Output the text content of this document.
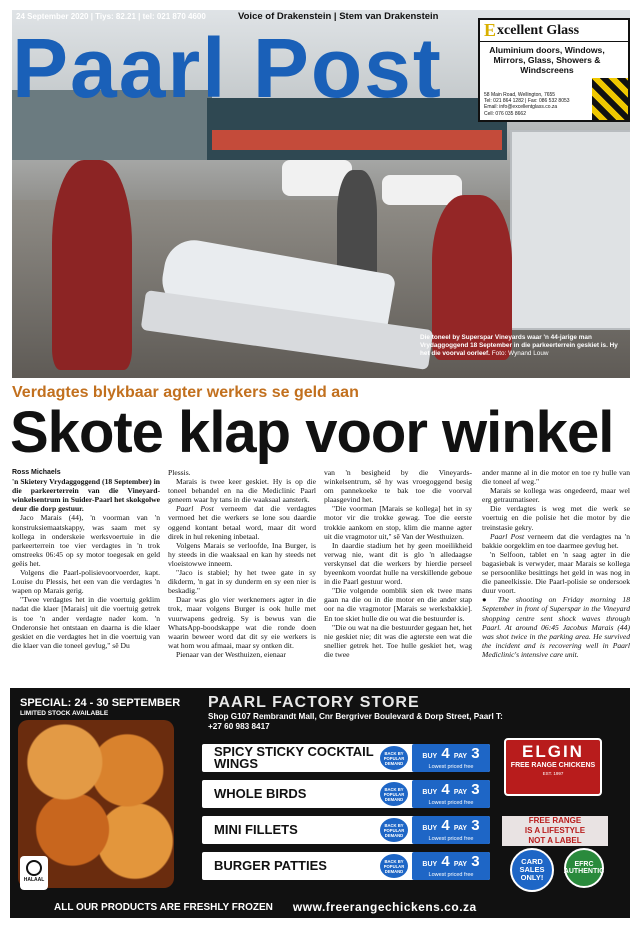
24 September 2020 | Tiys: 82.21 | tel: 021 870 4600	Voice of Drakenstein | Stem van Drakenstein
Paarl Post E xcellent Glass
Aluminium doors, Windows, Mirrors, Glass, Showers & Windscreens
58 Main Road, Wellington, 7655
Tel: 021 864 1282 | Fax: 086 532 8053
Email: info@excellentglass.co.za
Cell: 076 035 8662
Die toneel by Superspar Vineyards waar 'n 44-jarige man Vrydaggoggend 18 September in die parkeerterrein geskiet is. Hy het die voorval oorleef. Foto: Wynand Louw
Verdagtes blykbaar agter werkers se geld aan
Skote klap voor winkel

Ross Michaels

'n Skietery Vrydaggoggend (18 September) in die parkeerterrein van die Vineyard-winkelsentrum in Suider-Paarl het skokgolwe deur die dorp gestuur.

Jaco Marais (44), 'n voorman van 'n konstruksiemaatskappy, was saam met sy kollega in onderskeie werksvoertuie in die parkeerterrein toe vier verdagtes in 'n trok omstreeks 06:45 op sy motor toegesak en geld geëis het.

Volgens die Paarl-polisievoorvoerder, kapt. Louise du Plessis, het een van die verdagtes 'n wapen op Marais gerig.

"Twee verdagtes het in die voertuig geklim nadat die klaer [Marais] uit die voertuig getrek is toe 'n ander verdagte nader kom. 'n Onderonsie het ontstaan en daarna is die klaer geskiet en die verdagtes het in die voertuig van die klaer van die toneel gevlug," sê Du

Plessis.

Marais is twee keer geskiet. Hy is op die toneel behandel en na die Mediclinic Paarl geneem waar hy tans in die waaksaal aansterk.

Paarl Post verneem dat die verdagtes vermoed het die werkers se lone sou daardie oggend kontant betaal word, maar dit word direk in hul rekening inbetaal.

Volgens Marais se verloofde, Ina Burger, is hy steeds in die waaksaal en kan hy steeds net vloeistowwe inneem.

"Jaco is stabiel; hy het twee gate in sy dikderm, 'n gat in sy dunderm en sy een nier is beskadig."

Daar was glo vier werknemers agter in die trok, maar volgens Burger is ook hulle met vuurwapens gedreig. Sy is bewus van die WhatsApp-boodskappe wat die ronde doen waarin beweer word dat dit sy eie werkers is wat hom wou afmaai, maar sy ontken dit.

Pienaar van der Westhuizen, eienaar

van 'n besigheid by die Vineyards-winkelsentrum, sê hy was vroegoggend besig om pannekoeke te bak toe die voorval plaasgevind het.

"Die voorman [Marais se kollega] het in sy motor vir die trokke gewag. Toe die eerste trokkie aankom en stop, klim die manne agter uit die vragmotor uit," sê Van der Westhuizen.

In daardie stadium het hy geen moeilikheid verwag nie, want dit is glo 'n alledaagse verskynsel dat die werkers by hierdie perseel byeenkom voordat hulle na verskillende geboue in die Paarl gestuur word.

"Die volgende oomblik sien ek twee mans gaan na die ou in die motor en die ander stap oor na die vragmotor [Marais se werksbakkie]. En toe skiet hulle die ou wat die bestuurder is.

"Die ou wat na die bestuurder gegaan het, het nie geskiet nie; dit was die agterste een wat die snellier getrek het. Toe hulle geskiet het, wag die twee

ander manne al in die motor en toe ry hulle van die toneel af weg."

Marais se kollega was ongedeerd, maar wel erg getraumatiseer.

Die verdagtes is weg met die werk se voertuig en die polisie het die motor by die treinstasie gekry.

Paarl Post verneem dat die verdagtes na 'n bakkie oorgeklim en toe daarmee gevlug het.

'n Selfoon, tablet en 'n saag agter in die bagasiebak is verwyder, maar Marais se kollega se persoonlike besittings het geld in was nog in die paneelkissie. Die Paarl-polisie se ondersoek duur voort.

● The shooting on Friday morning 18 September in front of Superspar in the Vineyard shopping centre sent shock waves through Paarl. At around 06:45 Jacobus Marais (44) was shot twice in the parking area. He survived the incident and is recovering well in Paarl Mediclinic's intensive care unit.

SPECIAL: 24 - 30 SEPTEMBER
LIMITED STOCK AVAILABLE
HALAAL
PAARL FACTORY STORE
Shop G107 Rembrandt Mall, Cnr Bergriver Boulevard & Dorp Street, Paarl T: +27 60 983 8417
SPICY STICKY COCKTAIL WINGS
BACK BY POPULAR DEMAND
BUY 4 PAY 3
Lowest priced free
WHOLE BIRDS	BACK BY POPULAR DEMAND
BUY 4 PAY 3
Lowest priced free
MINI FILLETS	BACK BY POPULAR DEMAND
BUY 4 PAY 3
Lowest priced free
BURGER PATTIES	BACK BY POPULAR DEMAND
BUY 4 PAY 3
Lowest priced free
ELGIN
FREE RANGE CHICKENS
EST. 1997
FREE RANGE
IS A LIFESTYLE
NOT A LABEL
CARD SALES ONLY!
EFRC AUTHENTIC
ALL OUR PRODUCTS ARE FRESHLY FROZEN www.freerangechickens.co.za
